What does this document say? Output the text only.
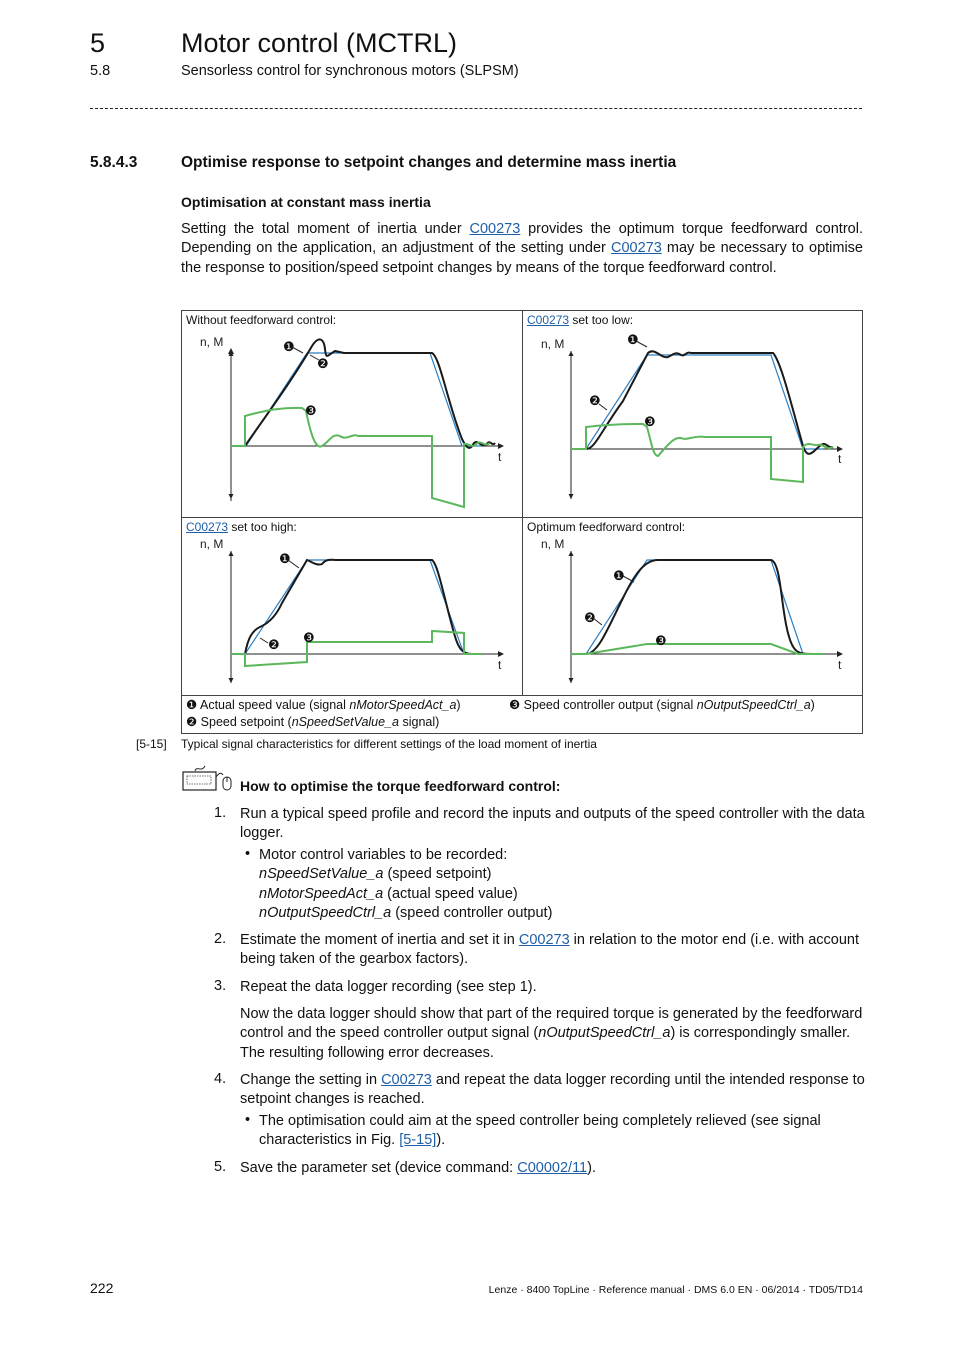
5	Motor control (MCTRL)
5.8	Sensorless control for synchronous motors (SLPSM)
5.8.4.3	Optimise response to setpoint changes and determine mass inertia
Optimisation at constant mass inertia
Setting the total moment of inertia under C00273 provides the optimum torque feedforward control. Depending on the application, an adjustment of the setting under C00273 may be necessary to optimise the response to position/speed setpoint changes by means of the torque feedforward control.
Without feedforward control:
n, M
t
❶
❷
❸
C00273 set too low:
n, M
t
❶
❷
❸
C00273 set too high:
n, M
t
❶
❷ ❸
Optimum feedforward control:
n, M
t
❶
❷
❸
❶ Actual speed value (signal nMotorSpeedAct_a)
❷ Speed setpoint (nSpeedSetValue_a signal)
❸ Speed controller output (signal nOutputSpeedCtrl_a)
[5-15] Typical signal characteristics for different settings of the load moment of inertia
How to optimise the torque feedforward control:
1. Run a typical speed profile and record the inputs and outputs of the speed controller with the data logger.
• Motor control variables to be recorded:
nSpeedSetValue_a (speed setpoint)
nMotorSpeedAct_a (actual speed value)
nOutputSpeedCtrl_a (speed controller output)
2. Estimate the moment of inertia and set it in C00273 in relation to the motor end (i.e. with account being taken of the gearbox factors).
3. Repeat the data logger recording (see step 1).
Now the data logger should show that part of the required torque is generated by the feedforward control and the speed controller output signal (nOutputSpeedCtrl_a) is correspondingly smaller. The resulting following error decreases.
4. Change the setting in C00273 and repeat the data logger recording until the intended response to setpoint changes is reached.
• The optimisation could aim at the speed controller being completely relieved (see signal characteristics in Fig. [5-15]).
5. Save the parameter set (device command: C00002/11).
222	Lenze · 8400 TopLine · Reference manual · DMS 6.0 EN · 06/2014 · TD05/TD14
